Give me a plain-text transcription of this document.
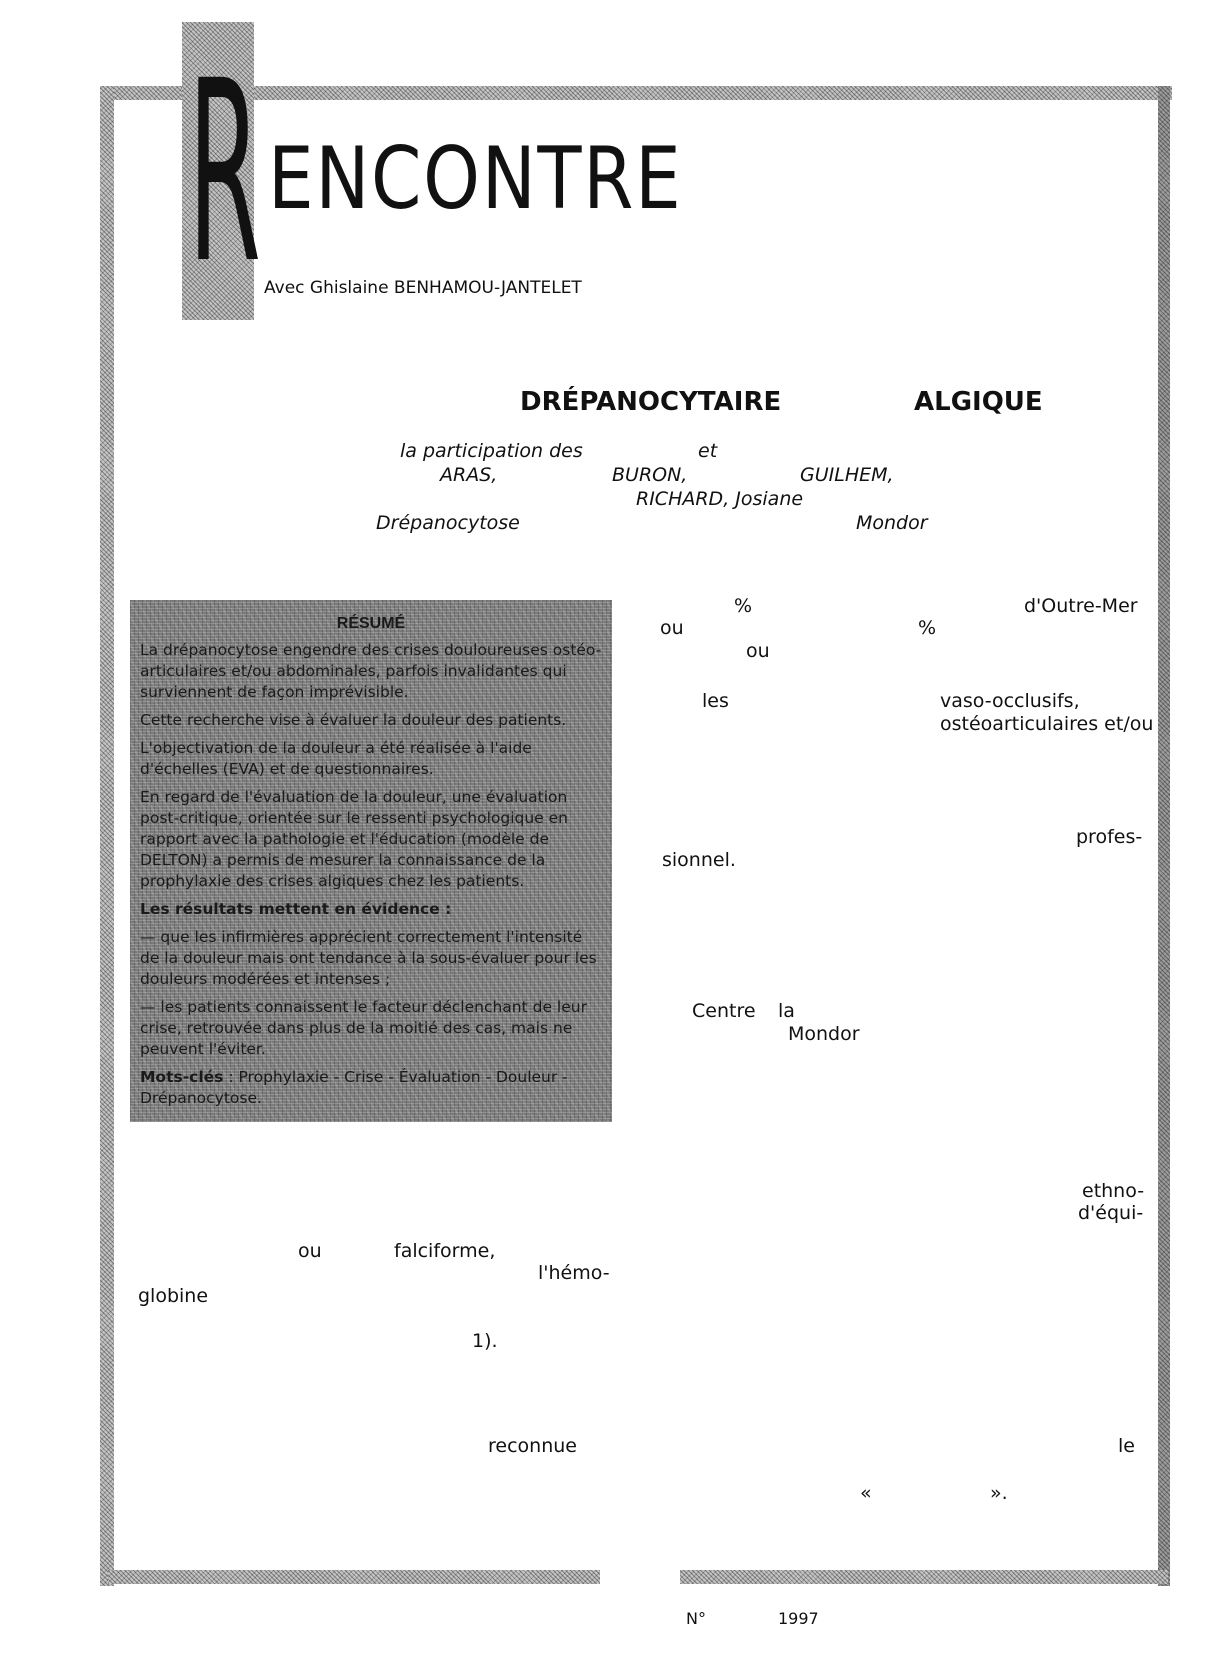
R ENCONTRE
Avec Ghislaine BENHAMOU-JANTELET
DRÉPANOCYTAIRE	ALGIQUE
la participation des	et
ARAS,	BURON,	GUILHEM,
RICHARD, Josiane
Drépanocytose	Mondor
RÉSUMÉ

La drépanocytose engendre des crises douloureuses ostéo-articulaires et/ou abdominales, parfois invalidantes qui surviennent de façon imprévisible.

Cette recherche vise à évaluer la douleur des patients.

L'objectivation de la douleur a été réalisée à l'aide d'échelles (EVA) et de questionnaires.

En regard de l'évaluation de la douleur, une évaluation post-critique, orientée sur le ressenti psychologique en rapport avec la pathologie et l'éducation (modèle de DELTON) a permis de mesurer la connaissance de la prophylaxie des crises algiques chez les patients.

Les résultats mettent en évidence :

— que les infirmières apprécient correctement l'intensité de la douleur mais ont tendance à la sous-évaluer pour les douleurs modérées et intenses ;

— les patients connaissent le facteur déclenchant de leur crise, retrouvée dans plus de la moitié des cas, mais ne peuvent l'éviter.

Mots-clés : Prophylaxie - Crise - Évaluation - Douleur - Drépanocytose.

%	d'Outre-Mer
ou	%
ou
les	vaso-occlusifs,
ostéoarticulaires et/ou
profes-
sionnel.
Centre la
Mondor
ethno-
d'équi-
le
«	».
ou	falciforme,
l'hémo-
globine
1).
reconnue
N°	1997
